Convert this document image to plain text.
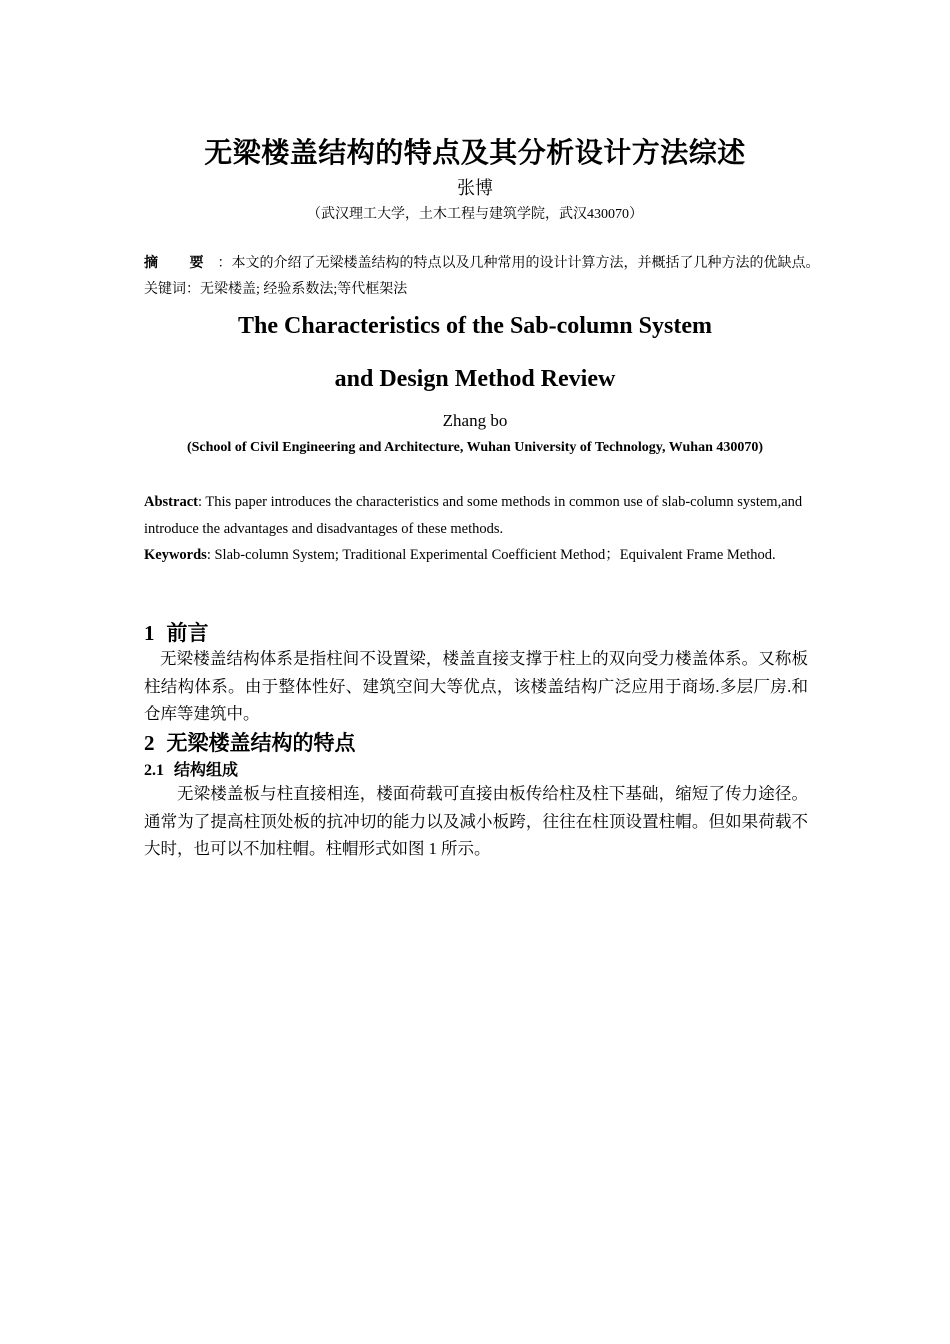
无梁楼盖结构的特点及其分析设计方法综述
张博
（武汉理工大学，土木工程与建筑学院，武汉430070）
摘 要：本文的介绍了无梁楼盖结构的特点以及几种常用的设计计算方法，并概括了几种方法的优缺点。
关键词：无梁楼盖; 经验系数法;等代框架法
The Characteristics of the Sab-column System
and Design Method Review
Zhang bo
(School of Civil Engineering and Architecture, Wuhan University of Technology, Wuhan 430070)
Abstract: This paper introduces the characteristics and some methods in common use of slab-column system,and introduce the advantages and disadvantages of these methods.
Keywords: Slab-column System; Traditional Experimental Coefficient Method；Equivalent Frame Method.
1 前言

无梁楼盖结构体系是指柱间不设置梁，楼盖直接支撑于柱上的双向受力楼盖体系。又称板柱结构体系。由于整体性好、建筑空间大等优点，该楼盖结构广泛应用于商场.多层厂房.和仓库等建筑中。

2 无梁楼盖结构的特点
2.1 结构组成

无梁楼盖板与柱直接相连，楼面荷载可直接由板传给柱及柱下基础，缩短了传力途径。通常为了提高柱顶处板的抗冲切的能力以及减小板跨，往往在柱顶设置柱帽。但如果荷载不大时，也可以不加柱帽。柱帽形式如图 1 所示。
